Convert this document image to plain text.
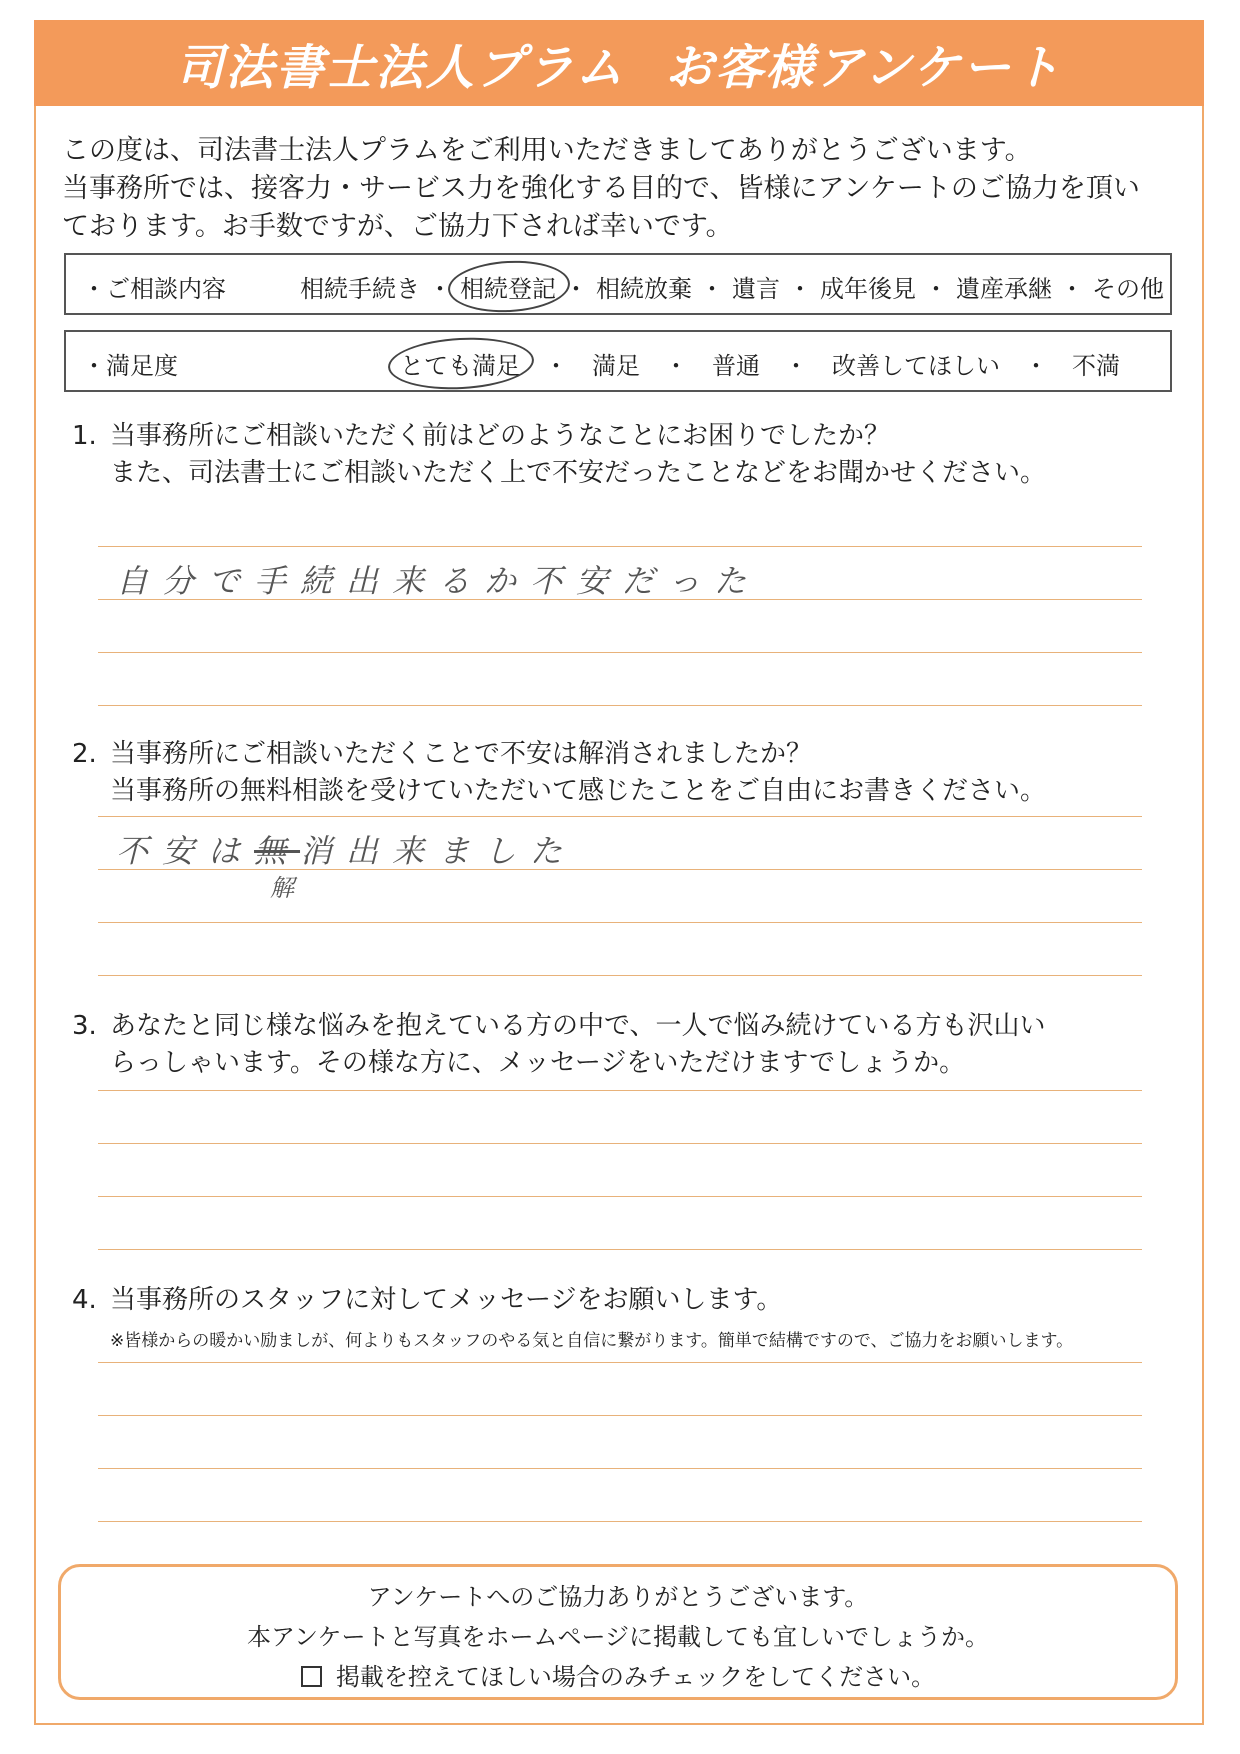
司法書士法人プラム お客様アンケート
この度は、司法書士法人プラムをご利用いただきましてありがとうございます。
当事務所では、接客力・サービス力を強化する目的で、皆様にアンケートのご協力を頂い
ております。お手数ですが、ご協力下されば幸いです。
・ご相談内容	相続手続き ・ 相続登記 ・ 相続放棄 ・ 遺言 ・ 成年後見 ・ 遺産承継 ・ その他
・満足度	とても満足 ・ 満足 ・ 普通 ・ 改善してほしい ・ 不満
1. 当事務所にご相談いただく前はどのようなことにお困りでしたか？
また、司法書士にご相談いただく上で不安だったことなどをお聞かせください。
自分で手続出来るか不安だった
2. 当事務所にご相談いただくことで不安は解消されましたか？
当事務所の無料相談を受けていただいて感じたことをご自由にお書きください。
不安は無消出来ました
解
3. あなたと同じ様な悩みを抱えている方の中で、一人で悩み続けている方も沢山い
らっしゃいます。その様な方に、メッセージをいただけますでしょうか。
4. 当事務所のスタッフに対してメッセージをお願いします。
※皆様からの暖かい励ましが、何よりもスタッフのやる気と自信に繋がります。簡単で結構ですので、ご協力をお願いします。
アンケートへのご協力ありがとうございます。
本アンケートと写真をホームページに掲載しても宜しいでしょうか。
掲載を控えてほしい場合のみチェックをしてください。
